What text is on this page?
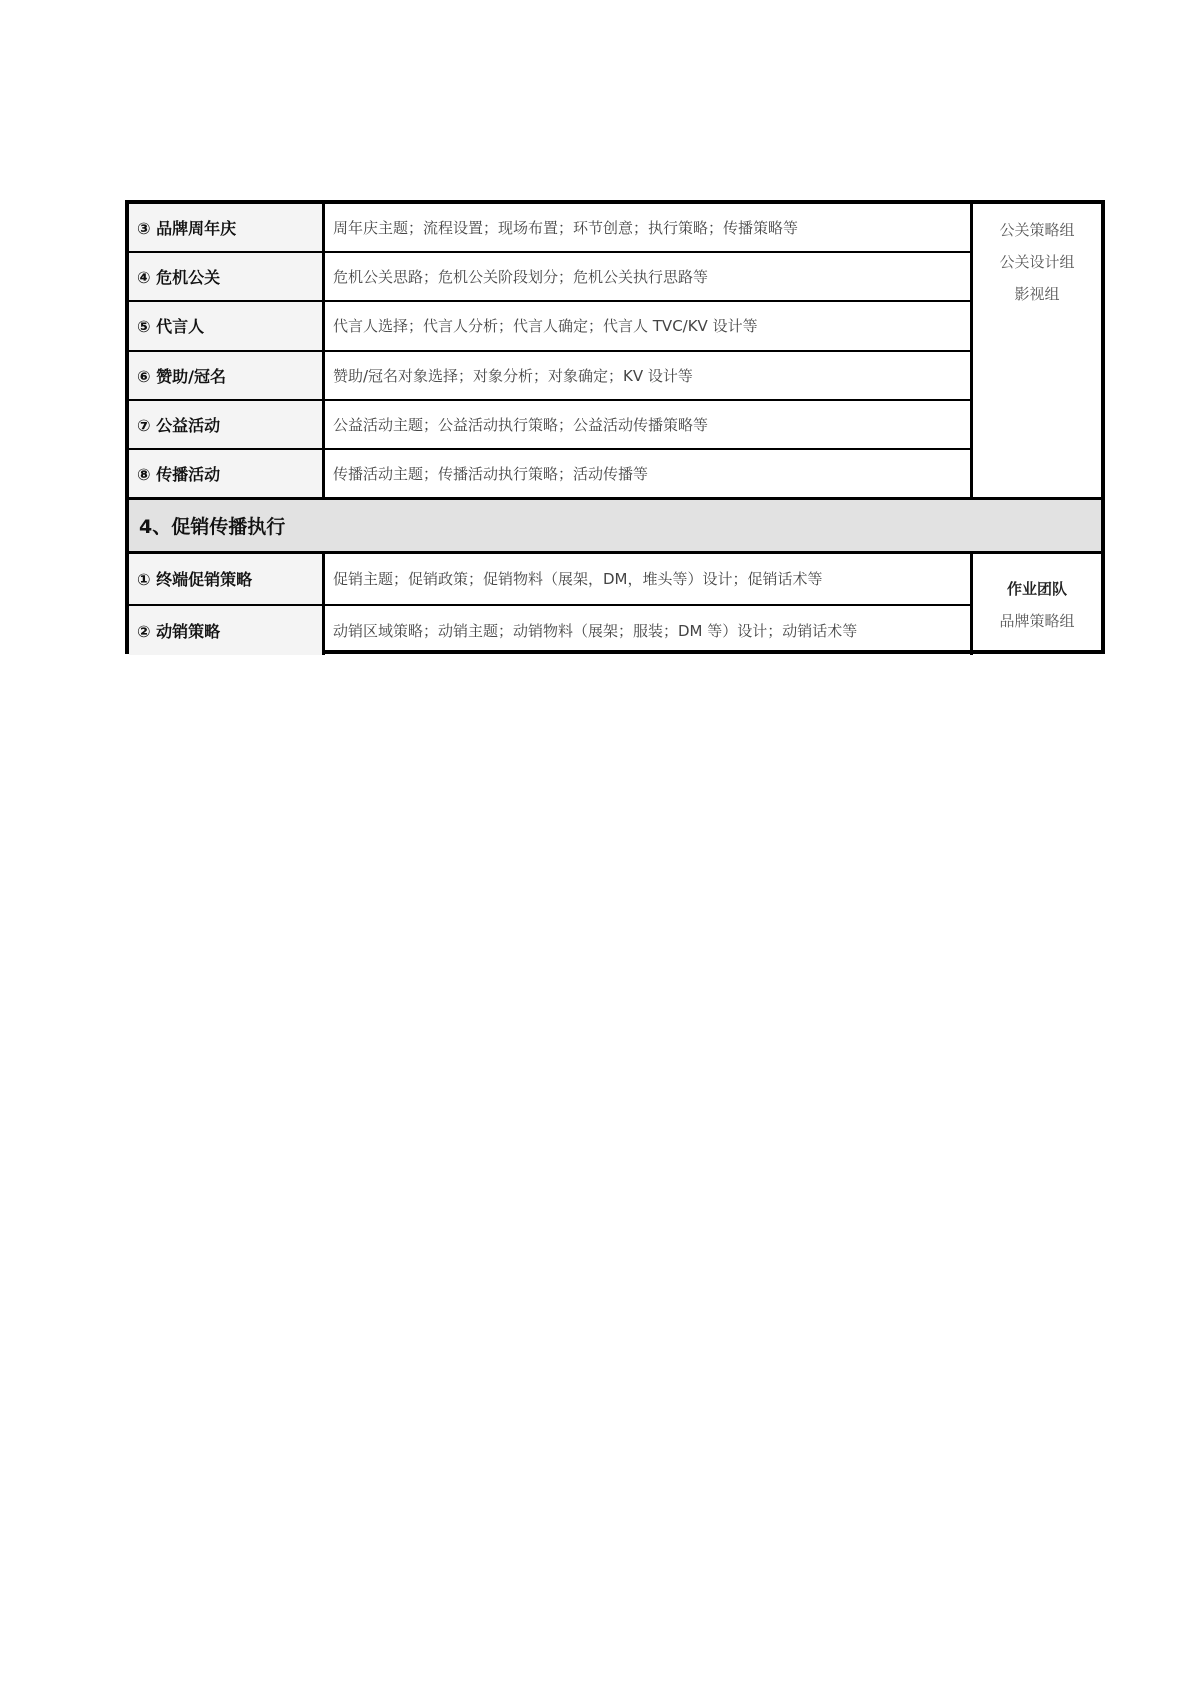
③ 品牌周年庆
④ 危机公关
⑤ 代言人
⑥ 赞助/冠名
⑦ 公益活动
⑧ 传播活动
周年庆主题；流程设置；现场布置；环节创意；执行策略；传播策略等
危机公关思路；危机公关阶段划分；危机公关执行思路等
代言人选择；代言人分析；代言人确定；代言人 TVC/KV 设计等
赞助/冠名对象选择；对象分析；对象确定；KV 设计等
公益活动主题；公益活动执行策略；公益活动传播策略等
传播活动主题；传播活动执行策略；活动传播等
公关策略组
公关设计组
影视组
4、促销传播执行
① 终端促销策略
② 动销策略
促销主题；促销政策；促销物料（展架，DM，堆头等）设计；促销话术等
动销区域策略；动销主题；动销物料（展架；服装；DM 等）设计；动销话术等
作业团队
品牌策略组
